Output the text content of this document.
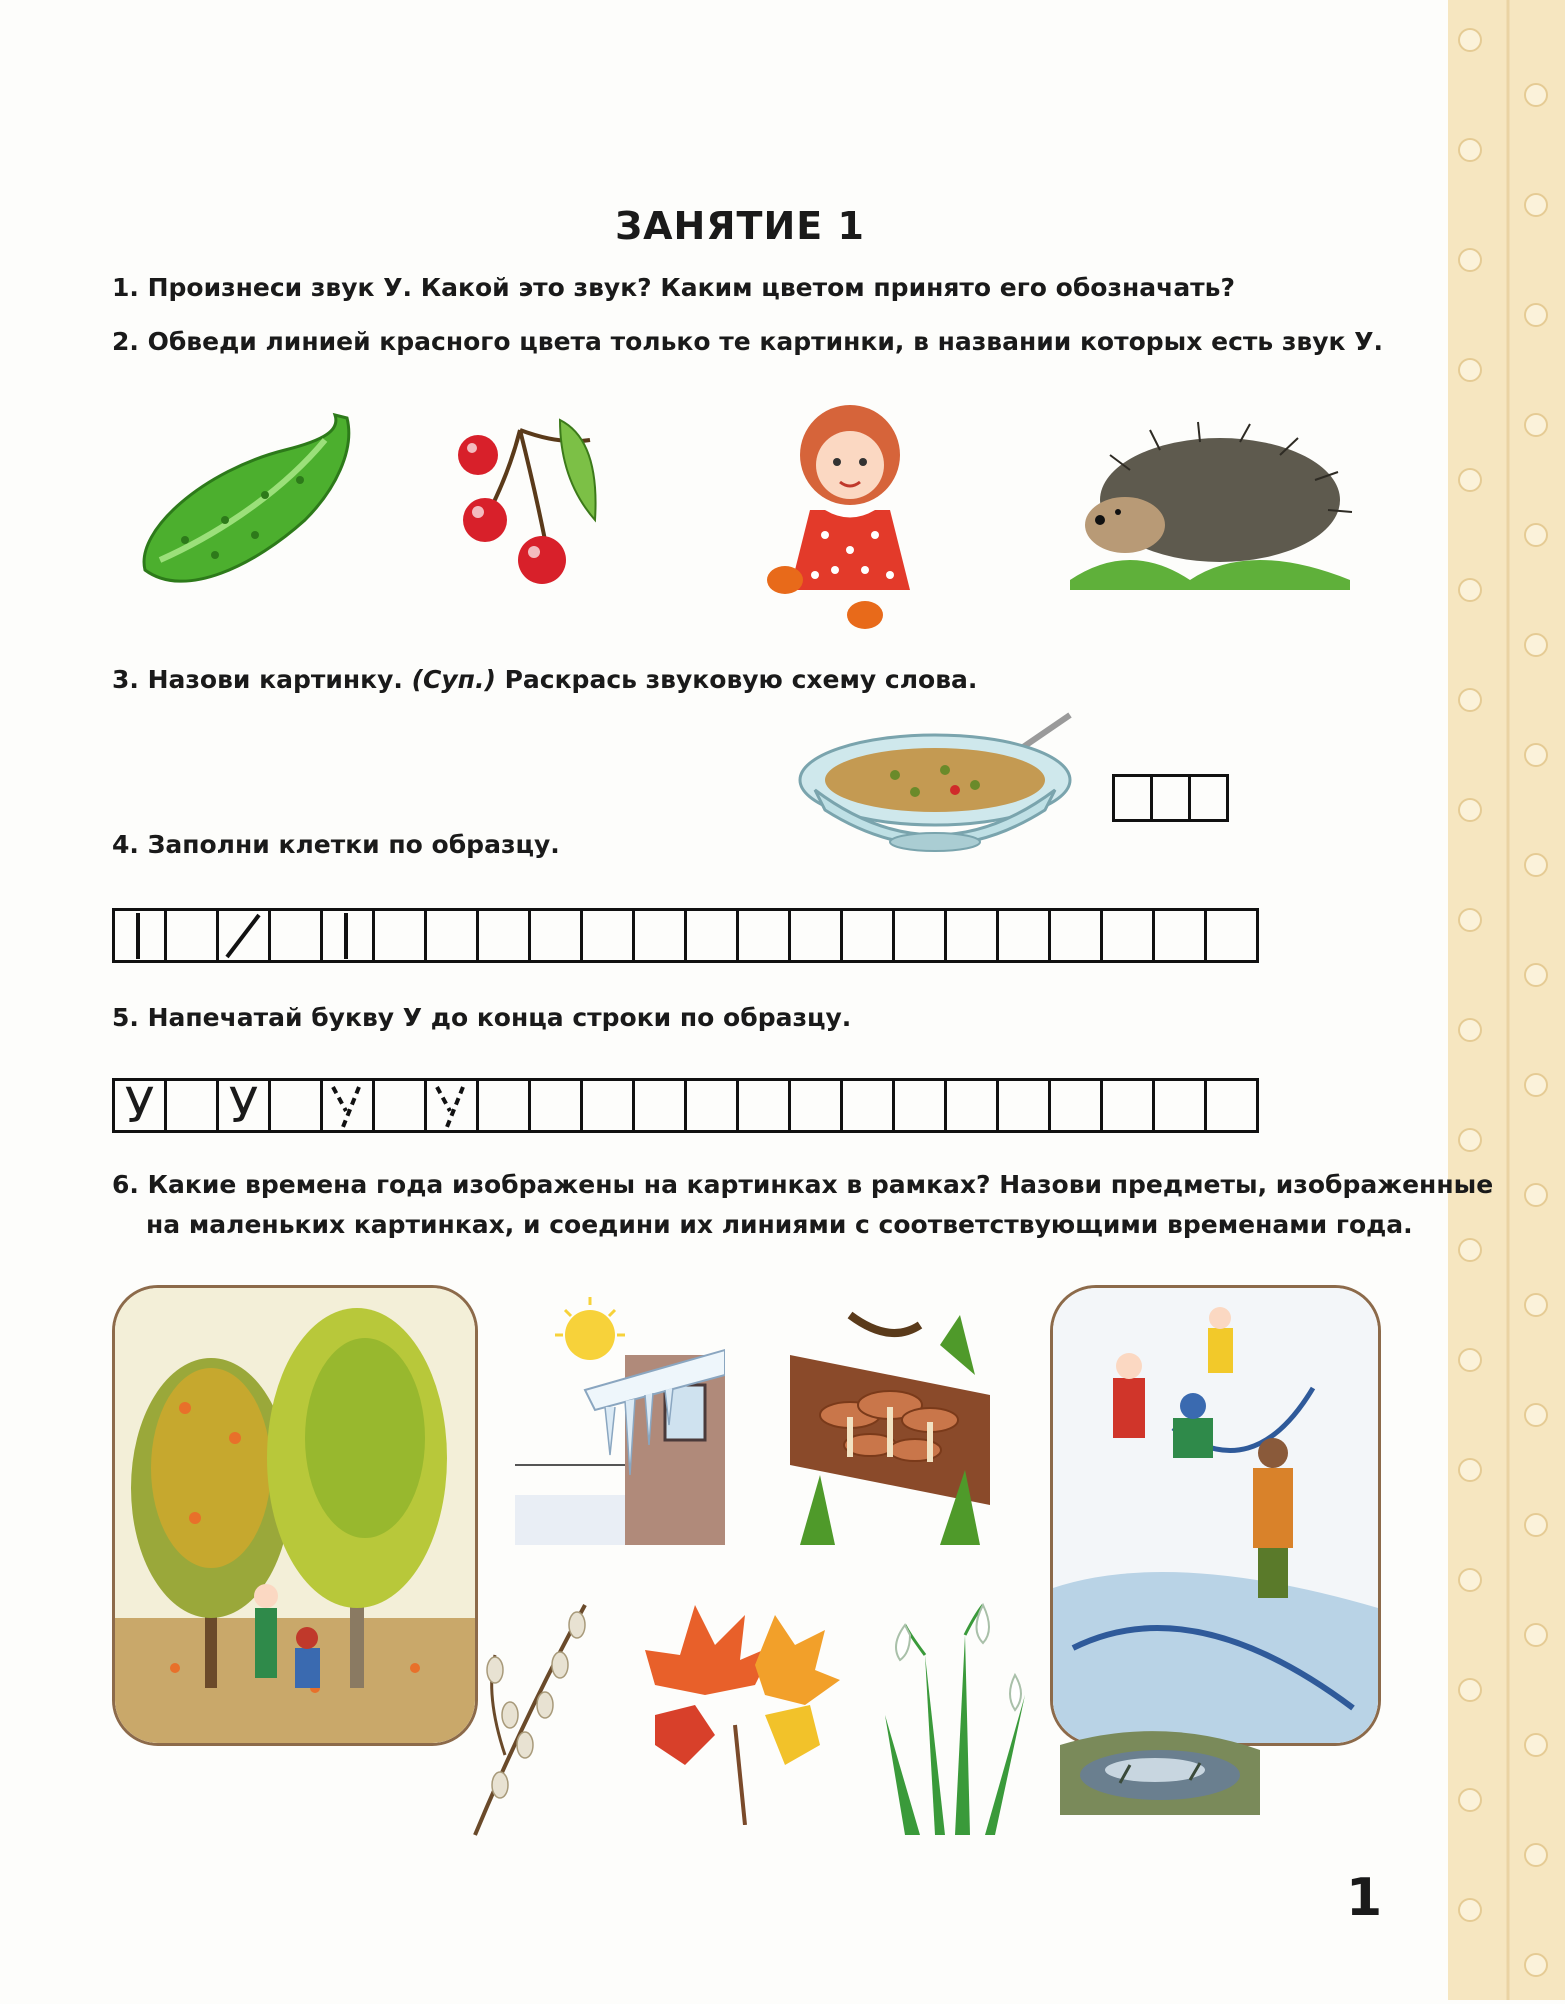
ЗАНЯТИЕ 1
1. Произнеси звук У. Какой это звук? Каким цветом принято его обозначать?
2. Обведи линией красного цвета только те картинки, в названии которых есть звук У.
3. Назови картинку. (Суп.) Раскрась звуковую схему слова.
4. Заполни клетки по образцу.
5. Напечатай букву У до конца строки по образцу.
У У
6. Какие времена года изображены на картинках в рамках? Назови предметы, изображенные
на маленьких картинках, и соедини их линиями с соответствующими временами года.
1
